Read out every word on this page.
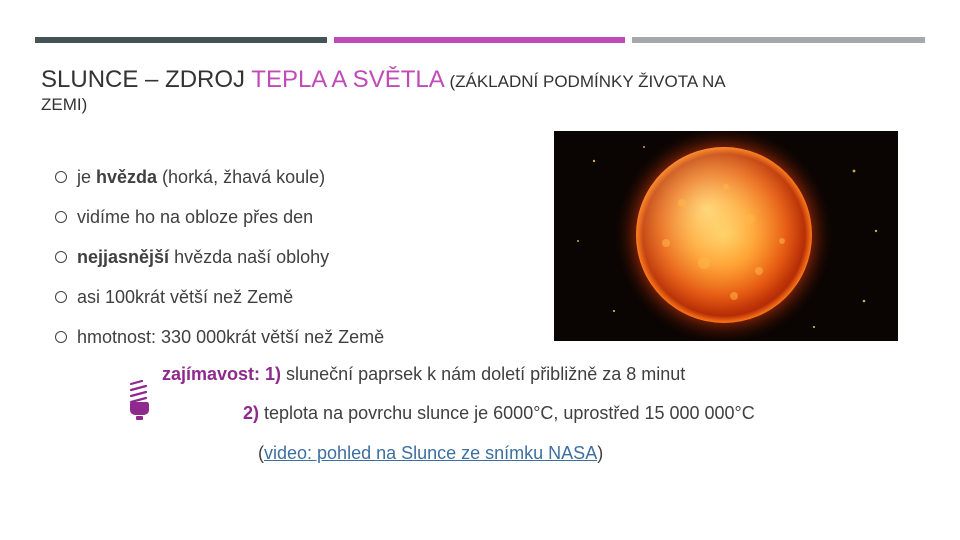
SLUNCE – ZDROJ TEPLA A SVĚTLA (ZÁKLADNÍ PODMÍNKY ŽIVOTA NA
ZEMI)
je hvězda (horká, žhavá koule)
vidíme ho na obloze přes den
nejjasnější hvězda naší oblohy
asi 100krát větší než Země
hmotnost: 330 000krát větší než Země
zajímavost: 1) sluneční paprsek k nám doletí přibližně za 8 minut
2) teplota na povrchu slunce je 6000°C, uprostřed 15 000 000°C
(video: pohled na Slunce ze snímku NASA)
